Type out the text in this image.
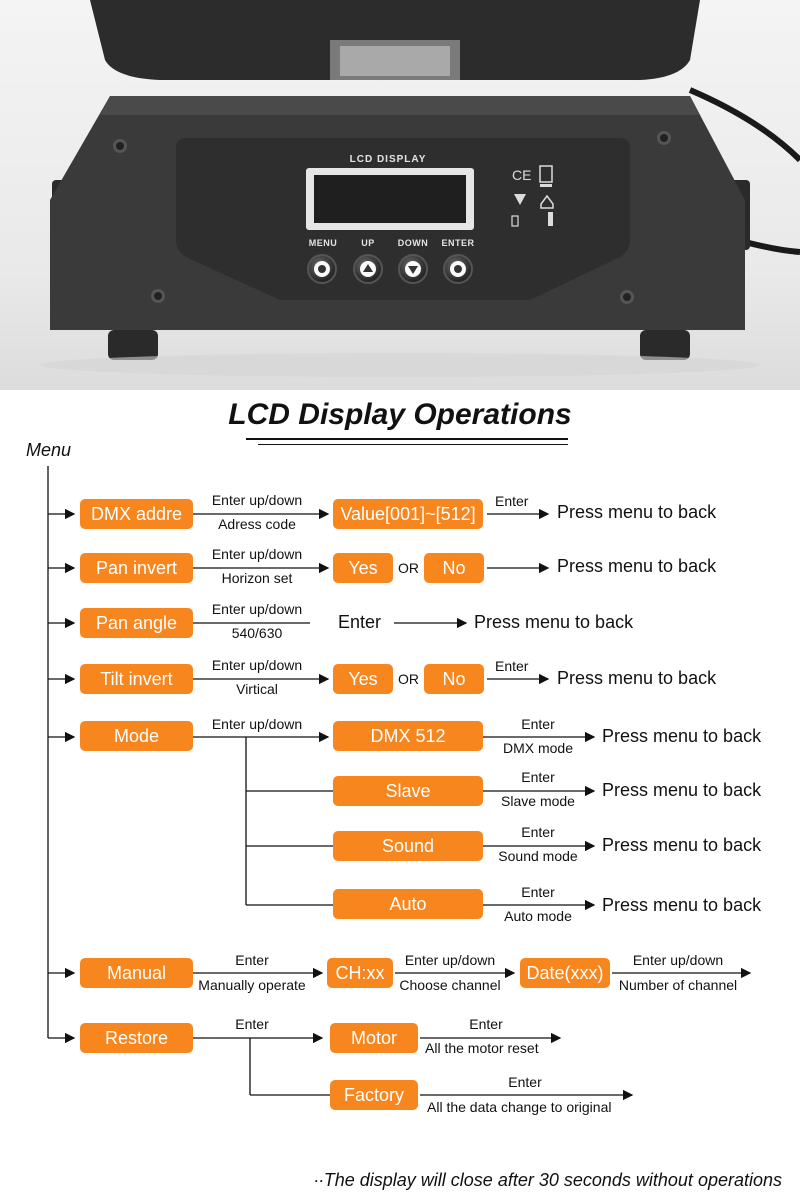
CE
LCD DISPLAY
MENU	UP	DOWN	ENTER
LCD Display Operations
Menu
DMX addre
Enter up/down
Adress code
Value[001]~[512]
Enter
Press menu to back
Pan invert
Enter up/down
Horizon set
Yes	OR	No	Press menu to back
Pan angle
Enter up/down
540/630
Enter	Press menu to back
Tilt invert
Enter up/down
Virtical
Yes	OR	No
Enter
Press menu to back
Mode
Enter up/down
DMX 512
Enter
DMX mode
Press menu to back
Slave
Enter
Slave mode
Press menu to back
Sound
Enter
Sound mode
Press menu to back
Auto
Enter
Auto mode
Press menu to back
Manual
Enter
Manually operate
CH:xx
Enter up/down
Choose channel
Date(xxx)
Enter up/down
Number of channel
Restore
Enter
Motor
Enter
All the motor reset
Factory
Enter
All the data change to original
∙∙The display will close after 30 seconds without operations
